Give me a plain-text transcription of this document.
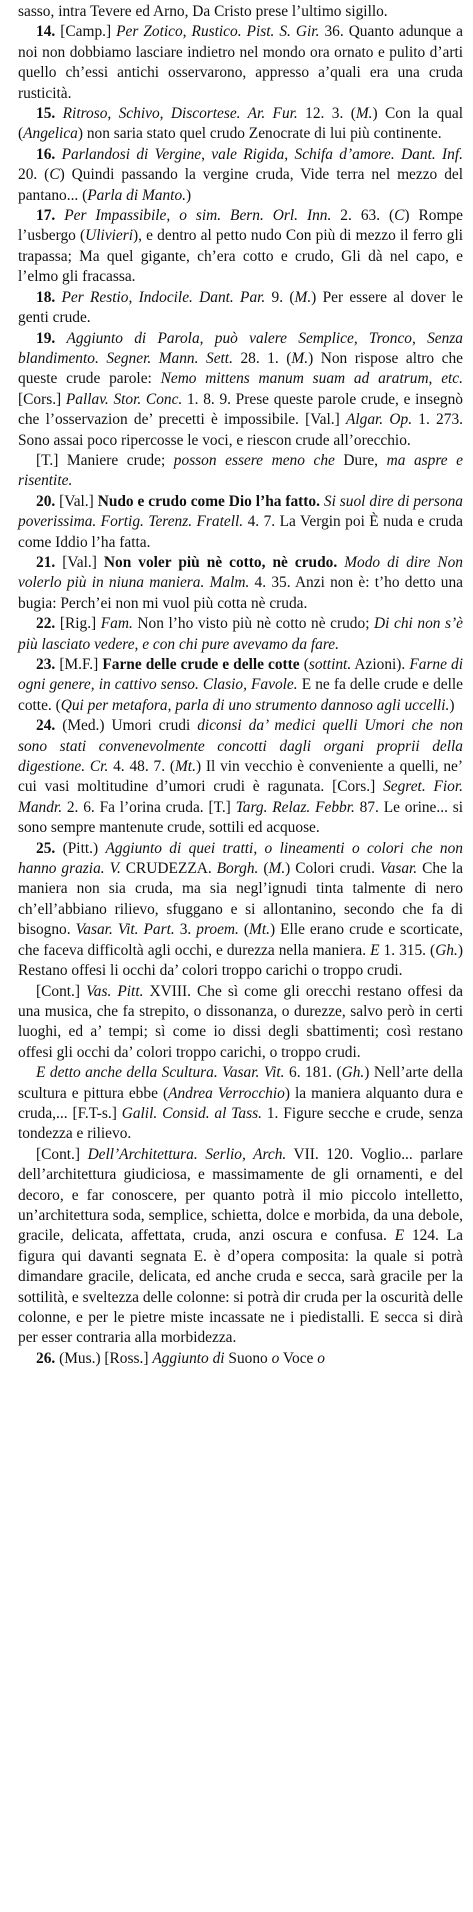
sasso, intra Tevere ed Arno, Da Cristo prese l’ultimo sigillo.

14. [Camp.] Per Zotico, Rustico. Pist. S. Gir. 36. Quanto adunque a noi non dobbiamo lasciare indietro nel mondo ora ornato e pulito d’arti quello ch’essi antichi osservarono, appresso a’quali era una cruda rusticità.

15. Ritroso, Schivo, Discortese. Ar. Fur. 12. 3. (M.) Con la qual (Angelica) non saria stato quel crudo Zenocrate di lui più continente.

16. Parlandosi di Vergine, vale Rigida, Schifa d’amore. Dant. Inf. 20. (C) Quindi passando la vergine cruda, Vide terra nel mezzo del pantano... (Parla di Manto.)

17. Per Impassibile, o sim. Bern. Orl. Inn. 2. 63. (C) Rompe l’usbergo (Ulivieri), e dentro al petto nudo Con più di mezzo il ferro gli trapassa; Ma quel gigante, ch’era cotto e crudo, Gli dà nel capo, e l’elmo gli fracassa.

18. Per Restio, Indocile. Dant. Par. 9. (M.) Per essere al dover le genti crude.

19. Aggiunto di Parola, può valere Semplice, Tronco, Senza blandimento. Segner. Mann. Sett. 28. 1. (M.) Non rispose altro che queste crude parole: Nemo mittens manum suam ad aratrum, etc. [Cors.] Pallav. Stor. Conc. 1. 8. 9. Prese queste parole crude, e insegnò che l’osservazion de’ precetti è impossibile. [Val.] Algar. Op. 1. 273. Sono assai poco ripercosse le voci, e riescon crude all’orecchio.

[T.] Maniere crude; posson essere meno che Dure, ma aspre e risentite.

20. [Val.] Nudo e crudo come Dio l’ha fatto. Si suol dire di persona poverissima. Fortig. Terenz. Fratell. 4. 7. La Vergin poi È nuda e cruda come Iddio l’ha fatta.

21. [Val.] Non voler più nè cotto, nè crudo. Modo di dire Non volerlo più in niuna maniera. Malm. 4. 35. Anzi non è: t’ho detto una bugia: Perch’ei non mi vuol più cotta nè cruda.

22. [Rig.] Fam. Non l’ho visto più nè cotto nè crudo; Di chi non s’è più lasciato vedere, e con chi pure avevamo da fare.

23. [M.F.] Farne delle crude e delle cotte (sottint. Azioni). Farne di ogni genere, in cattivo senso. Clasio, Favole. E ne fa delle crude e delle cotte. (Qui per metafora, parla di uno strumento dannoso agli uccelli.)

24. (Med.) Umori crudi diconsi da’ medici quelli Umori che non sono stati convenevolmente concotti dagli organi proprii della digestione. Cr. 4. 48. 7. (Mt.) Il vin vecchio è conveniente a quelli, ne’ cui vasi moltitudine d’umori crudi è ragunata. [Cors.] Segret. Fior. Mandr. 2. 6. Fa l’orina cruda. [T.] Targ. Relaz. Febbr. 87. Le orine... si sono sempre mantenute crude, sottili ed acquose.

25. (Pitt.) Aggiunto di quei tratti, o lineamenti o colori che non hanno grazia. V. CRUDEZZA. Borgh. (M.) Colori crudi. Vasar. Che la maniera non sia cruda, ma sia negl’ignudi tinta talmente di nero ch’ell’abbiano rilievo, sfuggano e si allontanino, secondo che fa di bisogno. Vasar. Vit. Part. 3. proem. (Mt.) Elle erano crude e scorticate, che faceva difficoltà agli occhi, e durezza nella maniera. E 1. 315. (Gh.) Restano offesi li occhi da’ colori troppo carichi o troppo crudi.

[Cont.] Vas. Pitt. XVIII. Che sì come gli orecchi restano offesi da una musica, che fa strepito, o dissonanza, o durezze, salvo però in certi luoghi, ed a’ tempi; sì come io dissi degli sbattimenti; così restano offesi gli occhi da’ colori troppo carichi, o troppo crudi.

E detto anche della Scultura. Vasar. Vit. 6. 181. (Gh.) Nell’arte della scultura e pittura ebbe (Andrea Verrocchio) la maniera alquanto dura e cruda,... [F.T-s.] Galil. Consid. al Tass. 1. Figure secche e crude, senza tondezza e rilievo.

[Cont.] Dell’Architettura. Serlio, Arch. VII. 120. Voglio... parlare dell’architettura giudiciosa, e massimamente de gli ornamenti, e del decoro, e far conoscere, per quanto potrà il mio piccolo intelletto, un’architettura soda, semplice, schietta, dolce e morbida, da una debole, gracile, delicata, affettata, cruda, anzi oscura e confusa. E 124. La figura qui davanti segnata E. è d’opera composita: la quale si potrà dimandare gracile, delicata, ed anche cruda e secca, sarà gracile per la sottilità, e sveltezza delle colonne: si potrà dir cruda per la oscurità delle colonne, e per le pietre miste incassate ne i piedistalli. E secca si dirà per esser contraria alla morbidezza.

26. (Mus.) [Ross.] Aggiunto di Suono o Voce o
